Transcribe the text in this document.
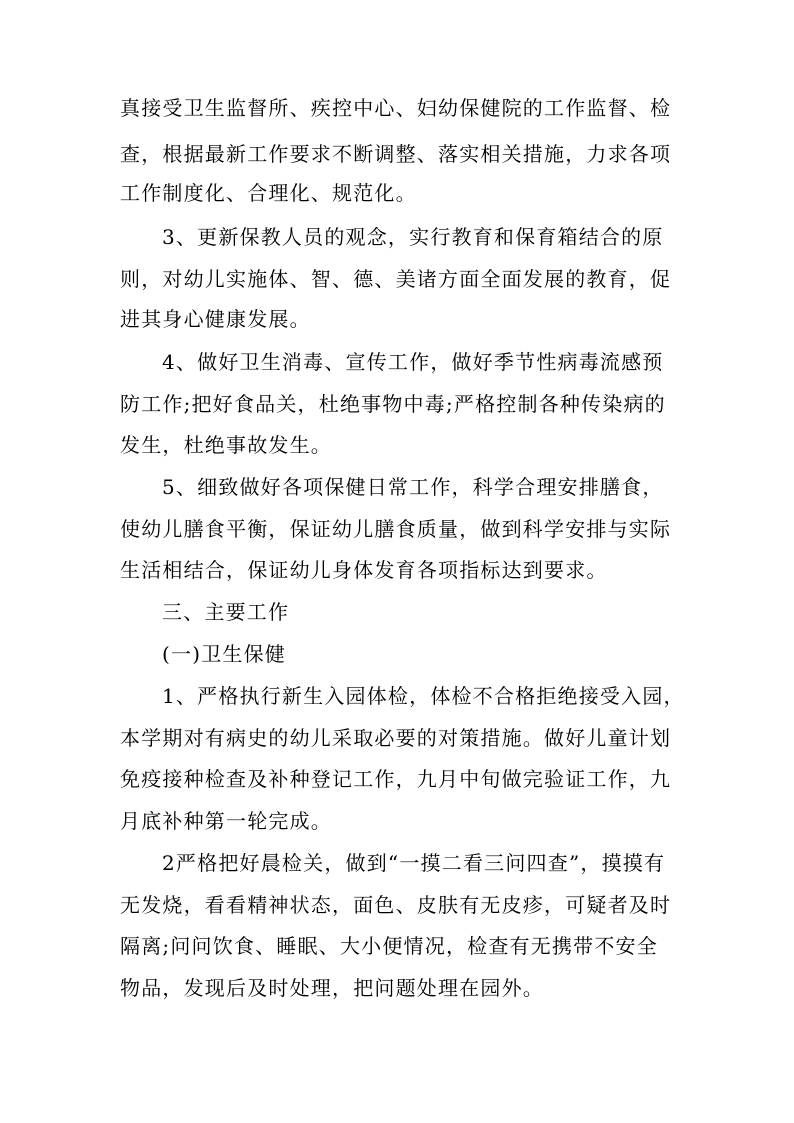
真接受卫生监督所、疾控中心、妇幼保健院的工作监督、检
查，根据最新工作要求不断调整、落实相关措施，力求各项
工作制度化、合理化、规范化。
3、更新保教人员的观念，实行教育和保育箱结合的原
则，对幼儿实施体、智、德、美诸方面全面发展的教育，促
进其身心健康发展。
4、做好卫生消毒、宣传工作，做好季节性病毒流感预
防工作;把好食品关，杜绝事物中毒;严格控制各种传染病的
发生，杜绝事故发生。
5、细致做好各项保健日常工作，科学合理安排膳食，
使幼儿膳食平衡，保证幼儿膳食质量，做到科学安排与实际
生活相结合，保证幼儿身体发育各项指标达到要求。
三、主要工作
(一)卫生保健
1、严格执行新生入园体检，体检不合格拒绝接受入园，
本学期对有病史的幼儿采取必要的对策措施。做好儿童计划
免疫接种检查及补种登记工作，九月中旬做完验证工作，九
月底补种第一轮完成。
2严格把好晨检关，做到“一摸二看三问四查”，摸摸有
无发烧，看看精神状态，面色、皮肤有无皮疹，可疑者及时
隔离;问问饮食、睡眠、大小便情况，检查有无携带不安全
物品，发现后及时处理，把问题处理在园外。
